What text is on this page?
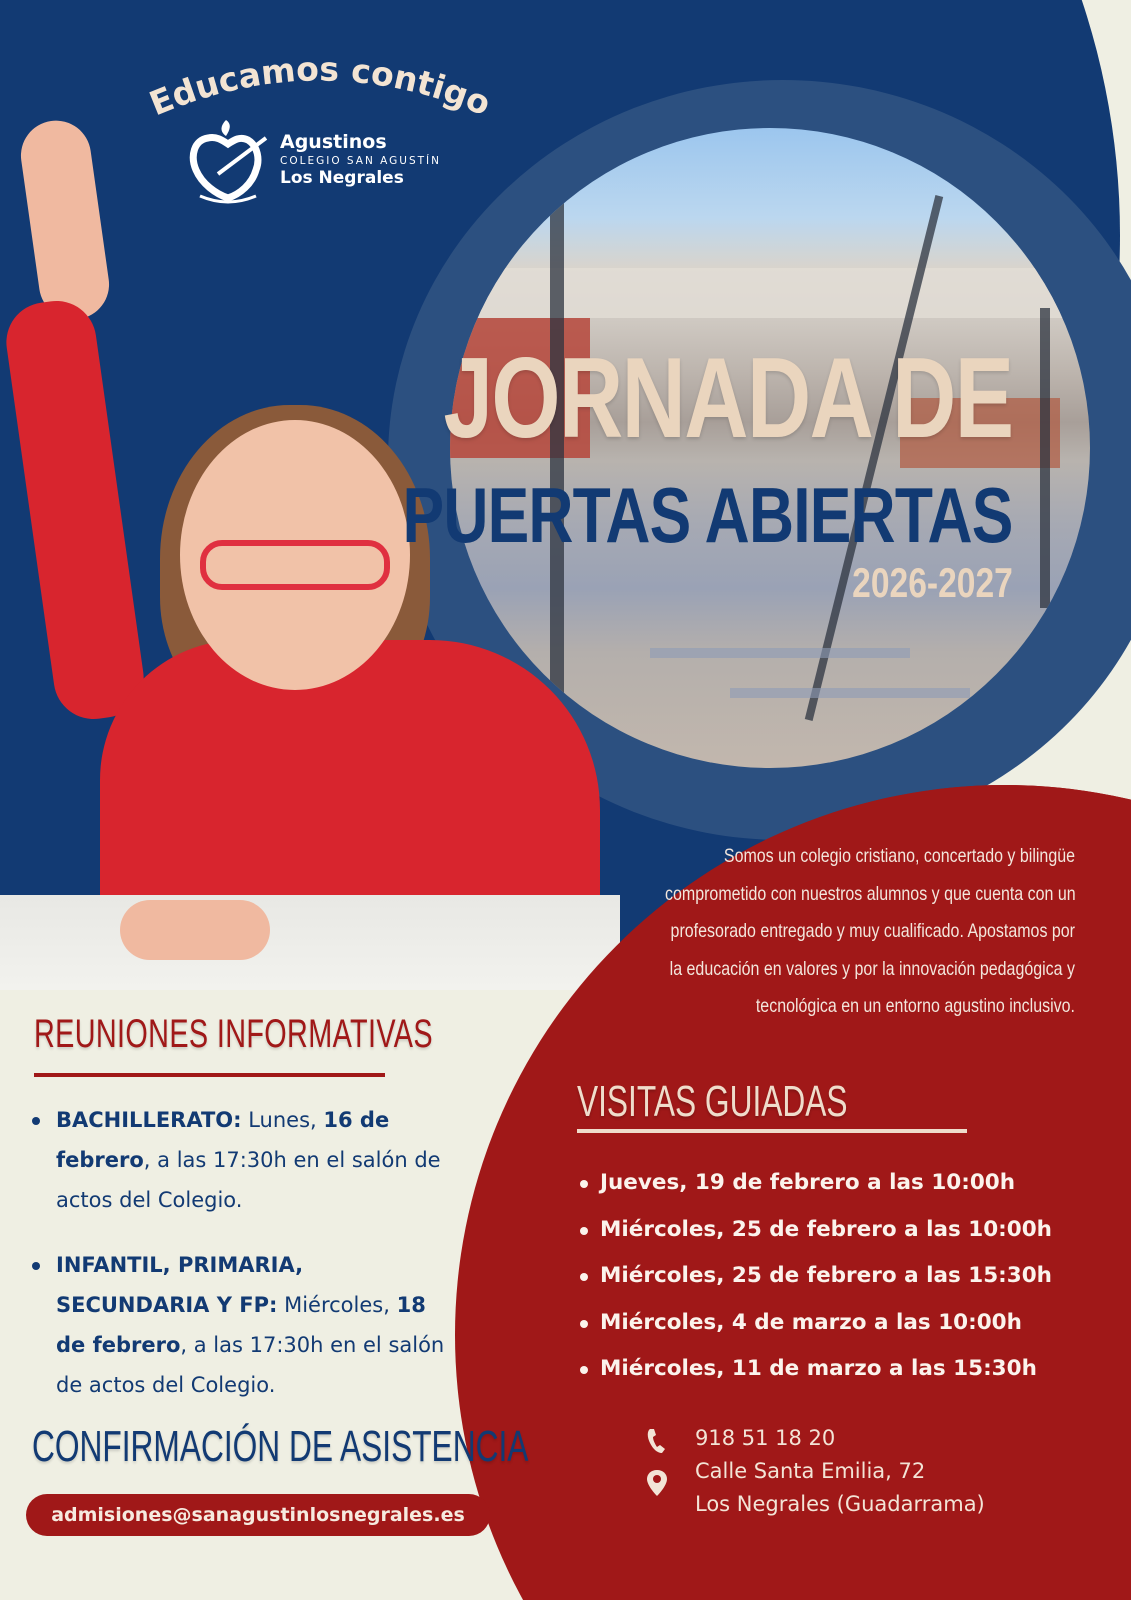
Educamos contigo
Agustinos
COLEGIO SAN AGUSTÍN
Los Negrales
JORNADA DE
PUERTAS ABIERTAS
2026-2027
Somos un colegio cristiano, concertado y bilingüe
comprometido con nuestros alumnos y que cuenta con un
profesorado entregado y muy cualificado. Apostamos por
la educación en valores y por la innovación pedagógica y
tecnológica en un entorno agustino inclusivo.
REUNIONES INFORMATIVAS
BACHILLERATO: Lunes, 16 de febrero, a las 17:30h en el salón de actos del Colegio.
INFANTIL, PRIMARIA, SECUNDARIA Y FP: Miércoles, 18 de febrero, a las 17:30h en el salón de actos del Colegio.
CONFIRMACIÓN DE ASISTENCIA
admisiones@sanagustinlosnegrales.es
VISITAS GUIADAS
Jueves, 19 de febrero a las 10:00h
Miércoles, 25 de febrero a las 10:00h
Miércoles, 25 de febrero a las 15:30h
Miércoles, 4 de marzo a las 10:00h
Miércoles, 11 de marzo a las 15:30h
918 51 18 20
Calle Santa Emilia, 72
Los Negrales (Guadarrama)
